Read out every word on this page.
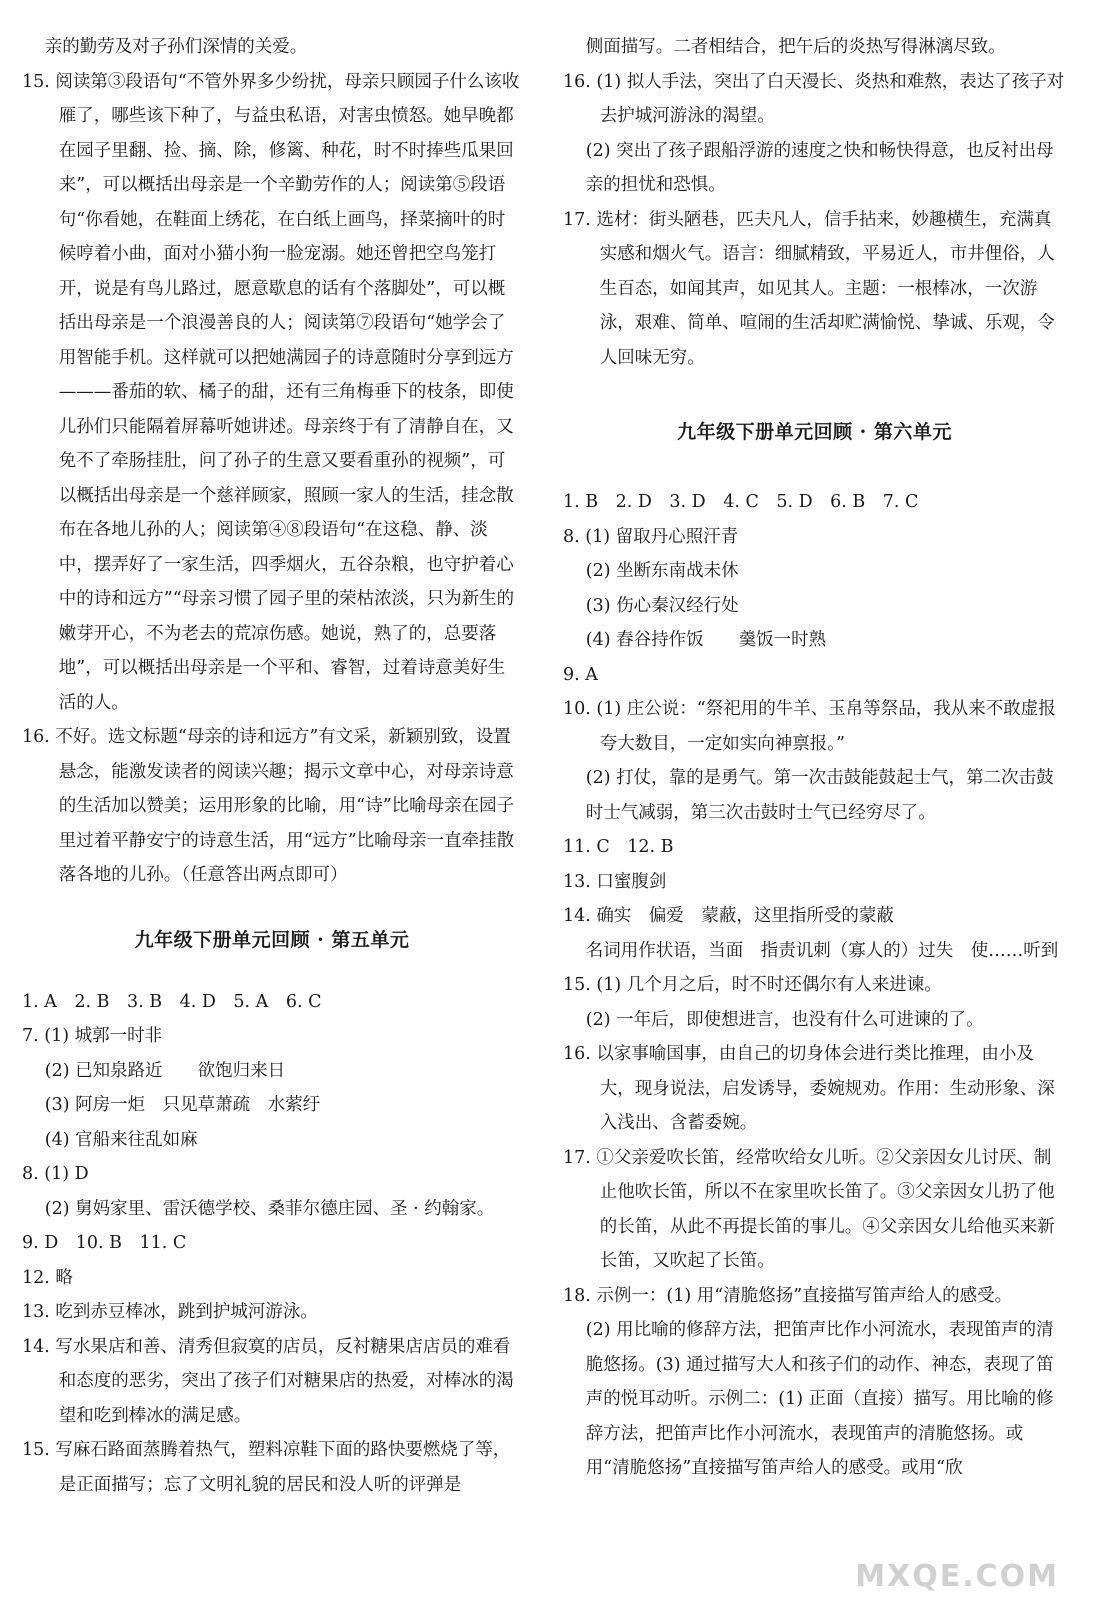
亲的勤劳及对子孙们深情的关爱。
15. 阅读第③段语句“不管外界多少纷扰，母亲只顾园子什么该收雁了，哪些该下种了，与益虫私语，对害虫愤怒。她早晚都在园子里翻、捡、摘、除，修篱、种花，时不时捧些瓜果回来”，可以概括出母亲是一个辛勤劳作的人；阅读第⑤段语句“你看她，在鞋面上绣花，在白纸上画鸟，择菜摘叶的时候哼着小曲，面对小猫小狗一脸宠溺。她还曾把空鸟笼打开，说是有鸟儿路过，愿意歇息的话有个落脚处”，可以概括出母亲是一个浪漫善良的人；阅读第⑦段语句“她学会了用智能手机。这样就可以把她满园子的诗意随时分享到远方———番茄的软、橘子的甜，还有三角梅垂下的枝条，即使儿孙们只能隔着屏幕听她讲述。母亲终于有了清静自在，又免不了牵肠挂肚，问了孙子的生意又要看重孙的视频”，可以概括出母亲是一个慈祥顾家，照顾一家人的生活，挂念散布在各地儿孙的人；阅读第④⑧段语句“在这稳、静、淡中，摆弄好了一家生活，四季烟火，五谷杂粮，也守护着心中的诗和远方”“母亲习惯了园子里的荣枯浓淡，只为新生的嫩芽开心，不为老去的荒凉伤感。她说，熟了的，总要落地”，可以概括出母亲是一个平和、睿智，过着诗意美好生活的人。
16. 不好。选文标题“母亲的诗和远方”有文采，新颖别致，设置悬念，能激发读者的阅读兴趣；揭示文章中心，对母亲诗意的生活加以赞美；运用形象的比喻，用“诗”比喻母亲在园子里过着平静安宁的诗意生活，用“远方”比喻母亲一直牵挂散落各地的儿孙。（任意答出两点即可）
九年级下册单元回顾 · 第五单元
1. A　2. B　3. B　4. D　5. A　6. C
7. (1) 城郭一时非
(2) 已知泉路近　　欲饱归来日
(3) 阿房一炬　只见草萧疏　水萦纡
(4) 官船来往乱如麻
8. (1) D
(2) 舅妈家里、雷沃德学校、桑菲尔德庄园、圣 · 约翰家。
9. D　10. B　11. C
12. 略
13. 吃到赤豆棒冰，跳到护城河游泳。
14. 写水果店和善、清秀但寂寞的店员，反衬糖果店店员的难看和态度的恶劣，突出了孩子们对糖果店的热爱，对棒冰的渴望和吃到棒冰的满足感。
15. 写麻石路面蒸腾着热气，塑料凉鞋下面的路快要燃烧了等，是正面描写；忘了文明礼貌的居民和没人听的评弹是
侧面描写。二者相结合，把午后的炎热写得淋漓尽致。
16. (1) 拟人手法，突出了白天漫长、炎热和难熬，表达了孩子对去护城河游泳的渴望。
(2) 突出了孩子跟船浮游的速度之快和畅快得意，也反衬出母亲的担忧和恐惧。
17. 选材：街头陋巷，匹夫凡人，信手拈来，妙趣横生，充满真实感和烟火气。语言：细腻精致，平易近人，市井俚俗，人生百态，如闻其声，如见其人。主题：一根棒冰，一次游泳，艰难、简单、喧闹的生活却贮满愉悦、挚诚、乐观，令人回味无穷。
九年级下册单元回顾 · 第六单元
1. B　2. D　3. D　4. C　5. D　6. B　7. C
8. (1) 留取丹心照汗青
(2) 坐断东南战未休
(3) 伤心秦汉经行处
(4) 舂谷持作饭　　羹饭一时熟
9. A
10. (1) 庄公说：“祭祀用的牛羊、玉帛等祭品，我从来不敢虚报夸大数目，一定如实向神禀报。”
(2) 打仗，靠的是勇气。第一次击鼓能鼓起士气，第二次击鼓时士气减弱，第三次击鼓时士气已经穷尽了。
11. C　12. B
13. 口蜜腹剑
14. 确实　偏爱　蒙蔽，这里指所受的蒙蔽
名词用作状语，当面　指责讥刺（寡人的）过失　使……听到
15. (1) 几个月之后，时不时还偶尔有人来进谏。
(2) 一年后，即使想进言，也没有什么可进谏的了。
16. 以家事喻国事，由自己的切身体会进行类比推理，由小及大，现身说法，启发诱导，委婉规劝。作用：生动形象、深入浅出、含蓄委婉。
17. ①父亲爱吹长笛，经常吹给女儿听。②父亲因女儿讨厌、制止他吹长笛，所以不在家里吹长笛了。③父亲因女儿扔了他的长笛，从此不再提长笛的事儿。④父亲因女儿给他买来新长笛，又吹起了长笛。
18. 示例一：(1) 用“清脆悠扬”直接描写笛声给人的感受。
(2) 用比喻的修辞方法，把笛声比作小河流水，表现笛声的清脆悠扬。(3) 通过描写大人和孩子们的动作、神态，表现了笛声的悦耳动听。示例二：(1) 正面（直接）描写。用比喻的修辞方法，把笛声比作小河流水，表现笛声的清脆悠扬。或用“清脆悠扬”直接描写笛声给人的感受。或用“欣
MXQE.COM
